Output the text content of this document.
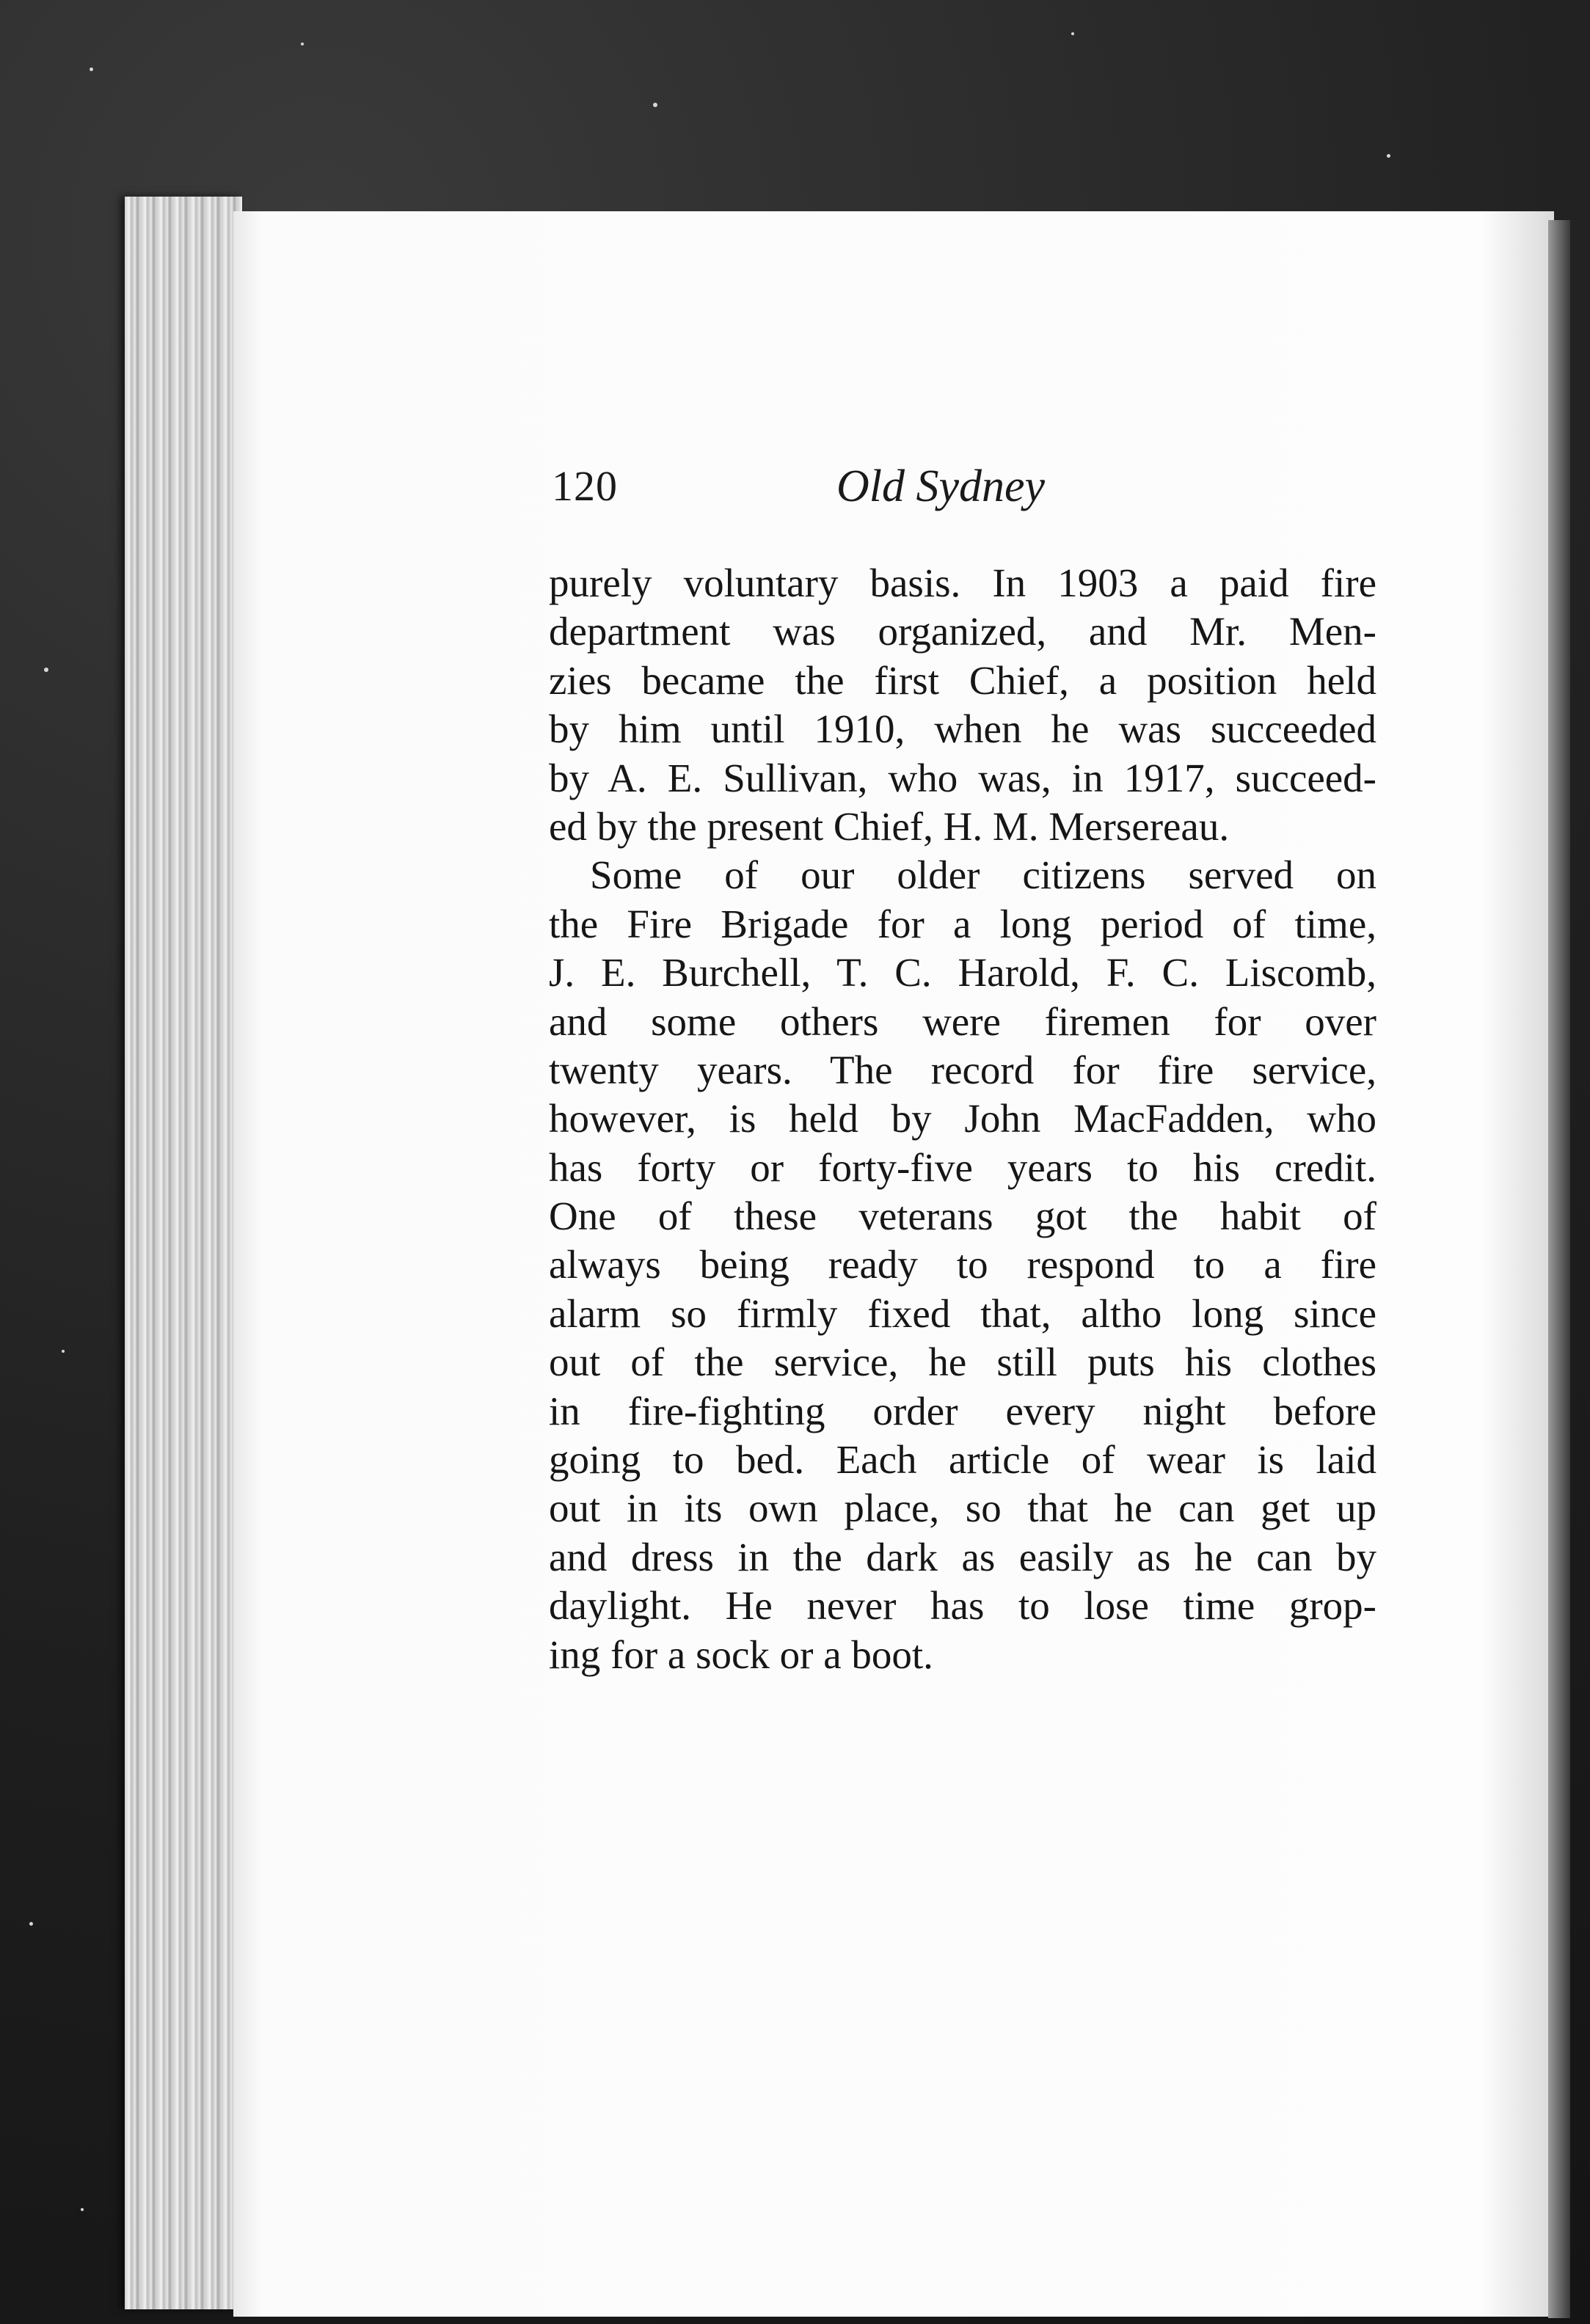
120	Old Sydney
purely voluntary basis. In 1903 a paid fire
department was organized, and Mr. Men-
zies became the first Chief, a position held
by him until 1910, when he was succeeded
by A. E. Sullivan, who was, in 1917, succeed-
ed by the present Chief, H. M. Mersereau.
Some of our older citizens served on
the Fire Brigade for a long period of time,
J. E. Burchell, T. C. Harold, F. C. Liscomb,
and some others were firemen for over
twenty years. The record for fire service,
however, is held by John MacFadden, who
has forty or forty-five years to his credit.
One of these veterans got the habit of
always being ready to respond to a fire
alarm so firmly fixed that, altho long since
out of the service, he still puts his clothes
in fire-fighting order every night before
going to bed. Each article of wear is laid
out in its own place, so that he can get up
and dress in the dark as easily as he can by
daylight. He never has to lose time grop-
ing for a sock or a boot.
